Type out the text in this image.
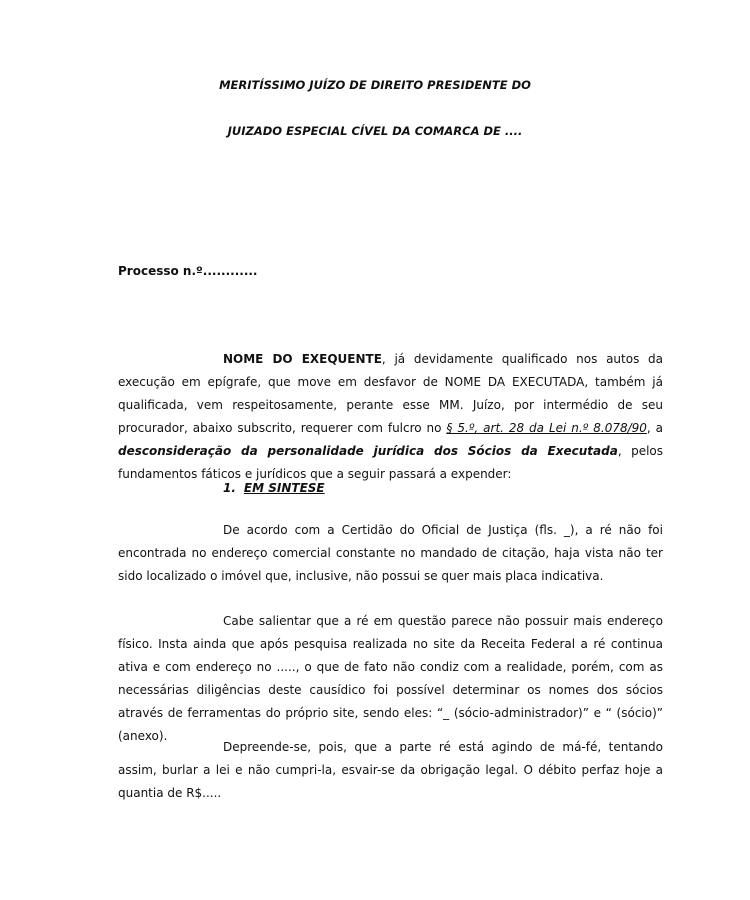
MERITÍSSIMO JUÍZO DE DIREITO PRESIDENTE DO
JUIZADO ESPECIAL CÍVEL DA COMARCA DE ....
Processo n.º............

NOME DO EXEQUENTE, já devidamente qualificado nos autos da execução em epígrafe, que move em desfavor de NOME DA EXECUTADA, também já qualificada, vem respeitosamente, perante esse MM. Juízo, por intermédio de seu procurador, abaixo subscrito, requerer com fulcro no § 5.º, art. 28 da Lei n.º 8.078/90, a desconsideração da personalidade jurídica dos Sócios da Executada, pelos fundamentos fáticos e jurídicos que a seguir passará a expender:

1. EM SINTESE

De acordo com a Certidão do Oficial de Justiça (fls. _), a ré não foi encontrada no endereço comercial constante no mandado de citação, haja vista não ter sido localizado o imóvel que, inclusive, não possui se quer mais placa indicativa.

Cabe salientar que a ré em questão parece não possuir mais endereço físico. Insta ainda que após pesquisa realizada no site da Receita Federal a ré continua ativa e com endereço no ....., o que de fato não condiz com a realidade, porém, com as necessárias diligências deste causídico foi possível determinar os nomes dos sócios através de ferramentas do próprio site, sendo eles: “_ (sócio-administrador)” e “ (sócio)” (anexo).

Depreende-se, pois, que a parte ré está agindo de má-fé, tentando assim, burlar a lei e não cumpri-la, esvair-se da obrigação legal. O débito perfaz hoje a quantia de R$.....
